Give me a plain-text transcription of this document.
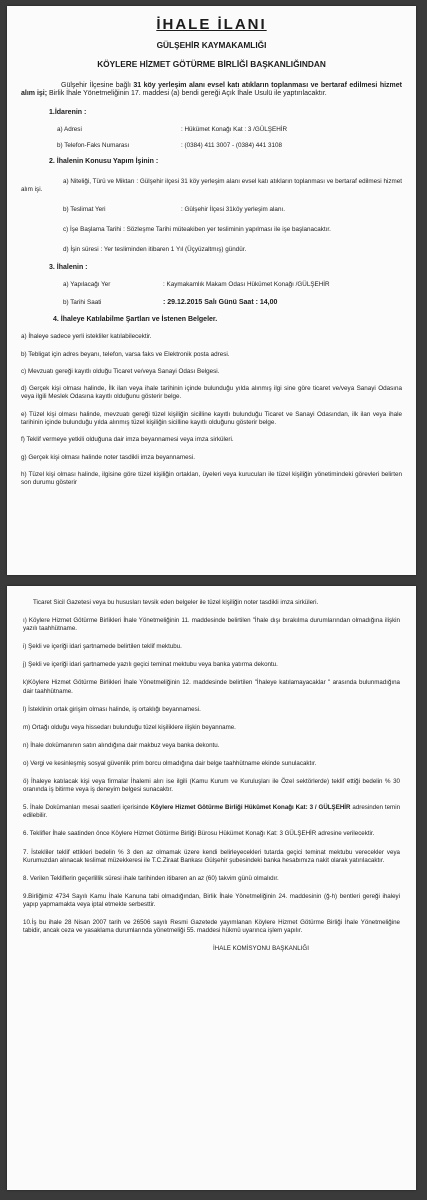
İHALE İLANI
GÜLŞEHİR KAYMAKAMLIĞI
KÖYLERE HİZMET GÖTÜRME BİRLİĞİ BAŞKANLIĞINDAN
Gülşehir İlçesine bağlı 31 köy yerleşim alanı evsel katı atıkların toplanması ve bertaraf edilmesi hizmet alım işi; Birlik İhale Yönetmeliğinin 17. maddesi (a) bendi gereği Açık İhale Usulü ile yaptırılacaktır.
1.İdarenin :
a) Adresi	: Hükümet Konağı Kat : 3 /GÜLŞEHİR
b) Telefon-Faks Numarası	: (0384) 411 3007 - (0384) 441 3108
2. İhalenin Konusu Yapım İşinin :
a) Niteliği, Türü ve Miktarı : Gülşehir ilçesi 31 köy yerleşim alanı evsel katı atıkların toplanması ve bertaraf edilmesi hizmet alım işi.
b) Teslimat Yeri	: Gülşehir İlçesi 31köy yerleşim alanı.
c) İşe Başlama Tarihi : Sözleşme Tarihi müteakiben yer tesliminin yapılması ile işe başlanacaktır.
d) İşin süresi : Yer tesliminden itibaren 1 Yıl (Üçyüzaltmış) gündür.
3. İhalenin :
a) Yapılacağı Yer	: Kaymakamlık Makam Odası Hükümet Konağı /GÜLŞEHİR
b) Tarihi Saati	: 29.12.2015 Salı Günü Saat : 14,00
4. İhaleye Katılabilme Şartları ve İstenen Belgeler.
a) İhaleye sadece yerli istekliler katılabilecektir.
b) Tebligat için adres beyanı, telefon, varsa faks ve Elektronik posta adresi.
c) Mevzuatı gereği kayıtlı olduğu Ticaret ve/veya Sanayi Odası Belgesi.
d) Gerçek kişi olması halinde, İlk ilan veya ihale tarihinin içinde bulunduğu yılda alınmış ilgi sine göre ticaret ve/veya Sanayi Odasına veya ilgili Meslek Odasına kayıtlı olduğunu gösterir belge.
e) Tüzel kişi olması halinde, mevzuatı gereği tüzel kişiliğin sicilline kayıtlı bulunduğu Ticaret ve Sanayi Odasından, ilk ilan veya ihale tarihinin içinde bulunduğu yılda alınmış tüzel kişiliğin sicilline kayıtlı olduğunu gösterir belge.
f) Teklif vermeye yetkili olduğuna dair imza beyannamesi veya imza sirküleri.
g) Gerçek kişi olması halinde noter tasdikli imza beyannamesi.
h) Tüzel kişi olması halinde, ilgisine göre tüzel kişiliğin ortakları, üyeleri veya kurucuları ile tüzel kişiliğin yönetimindeki görevleri belirten son durumu gösterir
Ticaret Sicil Gazetesi veya bu hususları tevsik eden belgeler ile tüzel kişiliğin noter tasdikli imza sirküleri.
ı) Köylere Hizmet Götürme Birlikleri İhale Yönetmeliğinin 11. maddesinde belirtilen "İhale dışı bırakılma durumlarından olmadığına ilişkin yazılı taahhütname.
i) Şekli ve içeriği idari şartnamede belirtilen teklif mektubu.
j) Şekli ve içeriği idari şartnamede yazılı geçici teminat mektubu veya banka yatırma dekontu.
k)Köylere Hizmet Götürme Birlikleri İhale Yönetmeliğinin 12. maddesinde belirtilen "İhaleye katılamayacaklar " arasında bulunmadığına dair taahhütname.
l) İsteklinin ortak girişim olması halinde, iş ortaklığı beyannamesi.
m) Ortağı olduğu veya hissedarı bulunduğu tüzel kişiliklere ilişkin beyanname.
n) İhale dokümanının satın alındığına dair makbuz veya banka dekontu.
o) Vergi ve kesinleşmiş sosyal güvenlik prim borcu olmadığına dair belge taahhütname ekinde sunulacaktır.
ö) İhaleye katılacak kişi veya firmalar İhalemi alırı ise ilgili (Kamu Kurum ve Kuruluşları ile Özel sektörlerde) teklif ettiği bedelin % 30 oranında iş bitirme veya iş deneyim belgesi sunacaktır.
5. İhale Dokümanları mesai saatleri içerisinde Köylere Hizmet Götürme Birliği Hükümet Konağı Kat: 3 / GÜLŞEHİR adresinden temin edilebilir.
6. Teklifler İhale saatinden önce Köylere Hizmet Götürme Birliği Bürosu Hükümet Konağı Kat: 3 GÜLŞEHİR adresine verilecektir.
7. İstekliler teklif ettikleri bedelin % 3 den az olmamak üzere kendi belirleyecekleri tutarda geçici teminat mektubu verecekler veya Kurumuzdan alınacak teslimat müzekkeresi ile T.C.Ziraat Bankası Gülşehir şubesindeki banka hesabımıza nakit olarak yatırılacaktır.
8. Verilen Tekliflerin geçerlillik süresi ihale tarihinden itibaren an az (60) takvim günü olmalıdır.
9.Birliğimiz 4734 Sayılı Kamu İhale Kanuna tabi olmadığından, Birlik İhale Yönetmeliğinin 24. maddesinin (ğ-h) bentleri gereği ihaleyi yapıp yapmamakta veya iptal etmekte serbesttir.
10.İş bu ihale 28 Nisan 2007 tarih ve 26506 sayılı Resmi Gazetede yayımlanan Köylere Hizmet Götürme Birliği İhale Yönetmeliğine tabidir, ancak ceza ve yasaklama durumlarında yönetmeliği 55. maddesi hükmü uyarınca işlem yapılır.
İHALE KOMİSYONU BAŞKANLIĞI
